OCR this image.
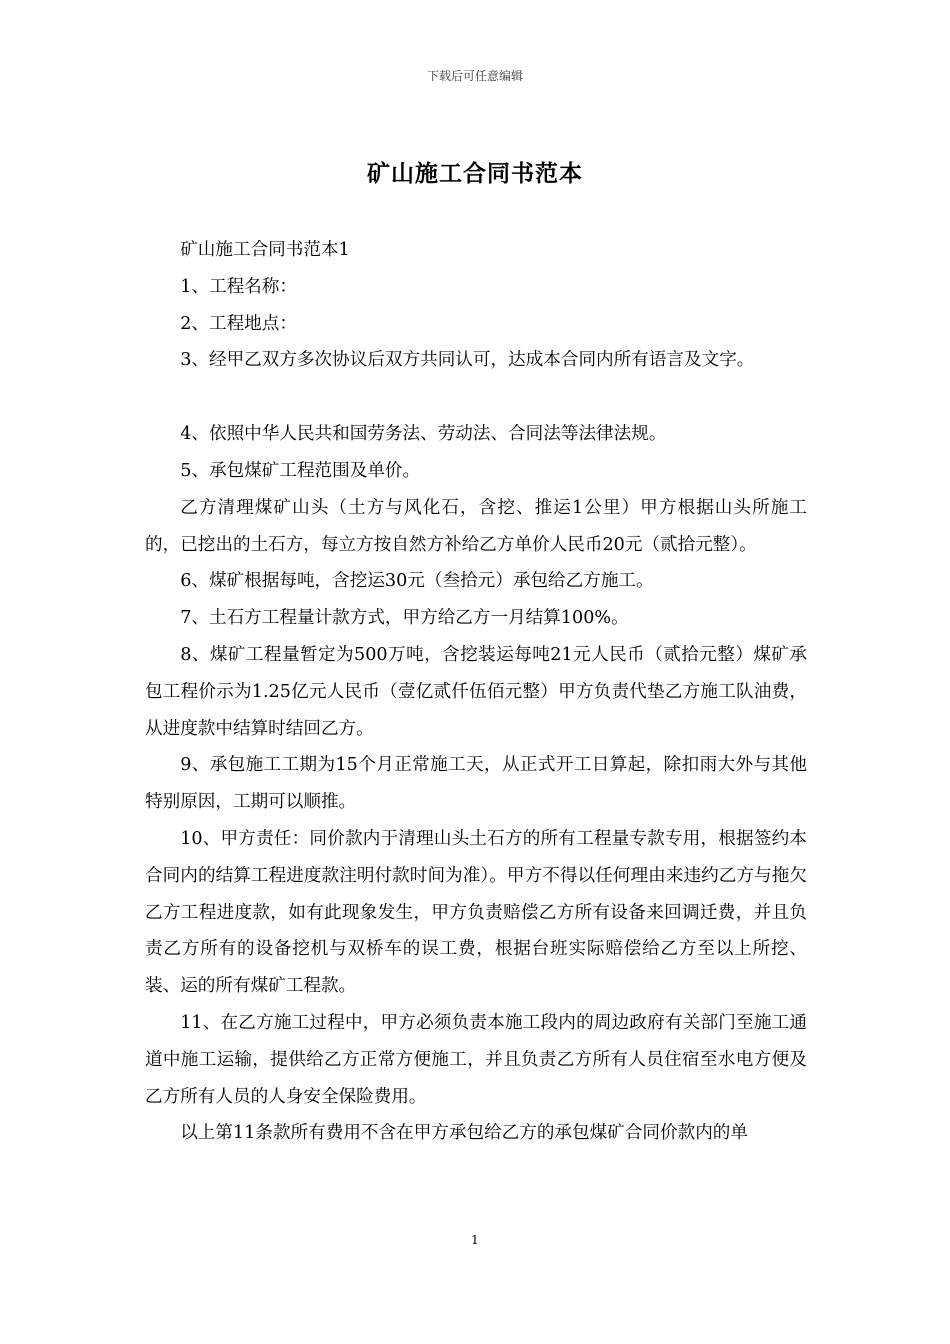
下载后可任意编辑
矿山施工合同书范本

矿山施工合同书范本1

1、工程名称：

2、工程地点：

3、经甲乙双方多次协议后双方共同认可，达成本合同内所有语言及文字。

4、依照中华人民共和国劳务法、劳动法、合同法等法律法规。

5、承包煤矿工程范围及单价。

乙方清理煤矿山头（土方与风化石，含挖、推运1公里）甲方根据山头所施工的，已挖出的土石方，每立方按自然方补给乙方单价人民币20元（贰拾元整）。

6、煤矿根据每吨，含挖运30元（叁拾元）承包给乙方施工。

7、土石方工程量计款方式，甲方给乙方一月结算100%。

8、煤矿工程量暂定为500万吨，含挖装运每吨21元人民币（贰拾元整）煤矿承包工程价示为1.25亿元人民币（壹亿贰仟伍佰元整）甲方负责代垫乙方施工队油费，从进度款中结算时结回乙方。

9、承包施工工期为15个月正常施工天，从正式开工日算起，除扣雨大外与其他特别原因，工期可以顺推。

10、甲方责任：同价款内于清理山头土石方的所有工程量专款专用，根据签约本合同内的结算工程进度款注明付款时间为准）。甲方不得以任何理由来违约乙方与拖欠乙方工程进度款，如有此现象发生，甲方负责赔偿乙方所有设备来回调迁费，并且负责乙方所有的设备挖机与双桥车的误工费，根据台班实际赔偿给乙方至以上所挖、装、运的所有煤矿工程款。

11、在乙方施工过程中，甲方必须负责本施工段内的周边政府有关部门至施工通道中施工运输，提供给乙方正常方便施工，并且负责乙方所有人员住宿至水电方便及乙方所有人员的人身安全保险费用。

以上第11条款所有费用不含在甲方承包给乙方的承包煤矿合同价款内的单

1
